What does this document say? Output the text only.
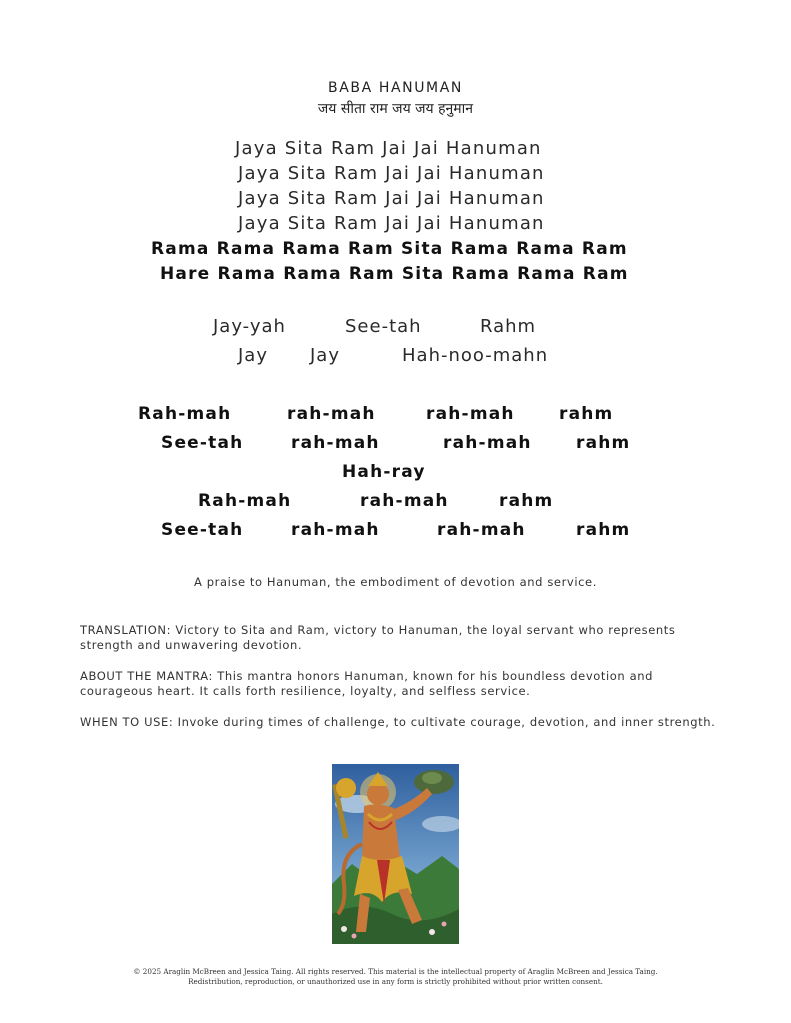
BABA HANUMAN
जय सीता राम जय जय हनुमान
Jaya Sita Ram Jai Jai Hanuman
Jaya Sita Ram Jai Jai Hanuman
Jaya Sita Ram Jai Jai Hanuman
Jaya Sita Ram Jai Jai Hanuman
Rama Rama Rama Ram Sita Rama Rama Ram
Hare Rama Rama Ram Sita Rama Rama Ram
Jay-yah	See-tah	Rahm
Jay Jay	Hah-noo-mahn
Rah-mah	rah-mah	rah-mah	rahm
See-tah	rah-mah	rah-mah	rahm
Hah-ray
Rah-mah	rah-mah	rahm
See-tah	rah-mah	rah-mah	rahm
A praise to Hanuman, the embodiment of devotion and service.
TRANSLATION: Victory to Sita and Ram, victory to Hanuman, the loyal servant who represents strength and unwavering devotion.
ABOUT THE MANTRA: This mantra honors Hanuman, known for his boundless devotion and courageous heart. It calls forth resilience, loyalty, and selfless service.
WHEN TO USE: Invoke during times of challenge, to cultivate courage, devotion, and inner strength.
© 2025 Araglin McBreen and Jessica Taing. All rights reserved. This material is the intellectual property of Araglin McBreen and Jessica Taing.
Redistribution, reproduction, or unauthorized use in any form is strictly prohibited without prior written consent.
